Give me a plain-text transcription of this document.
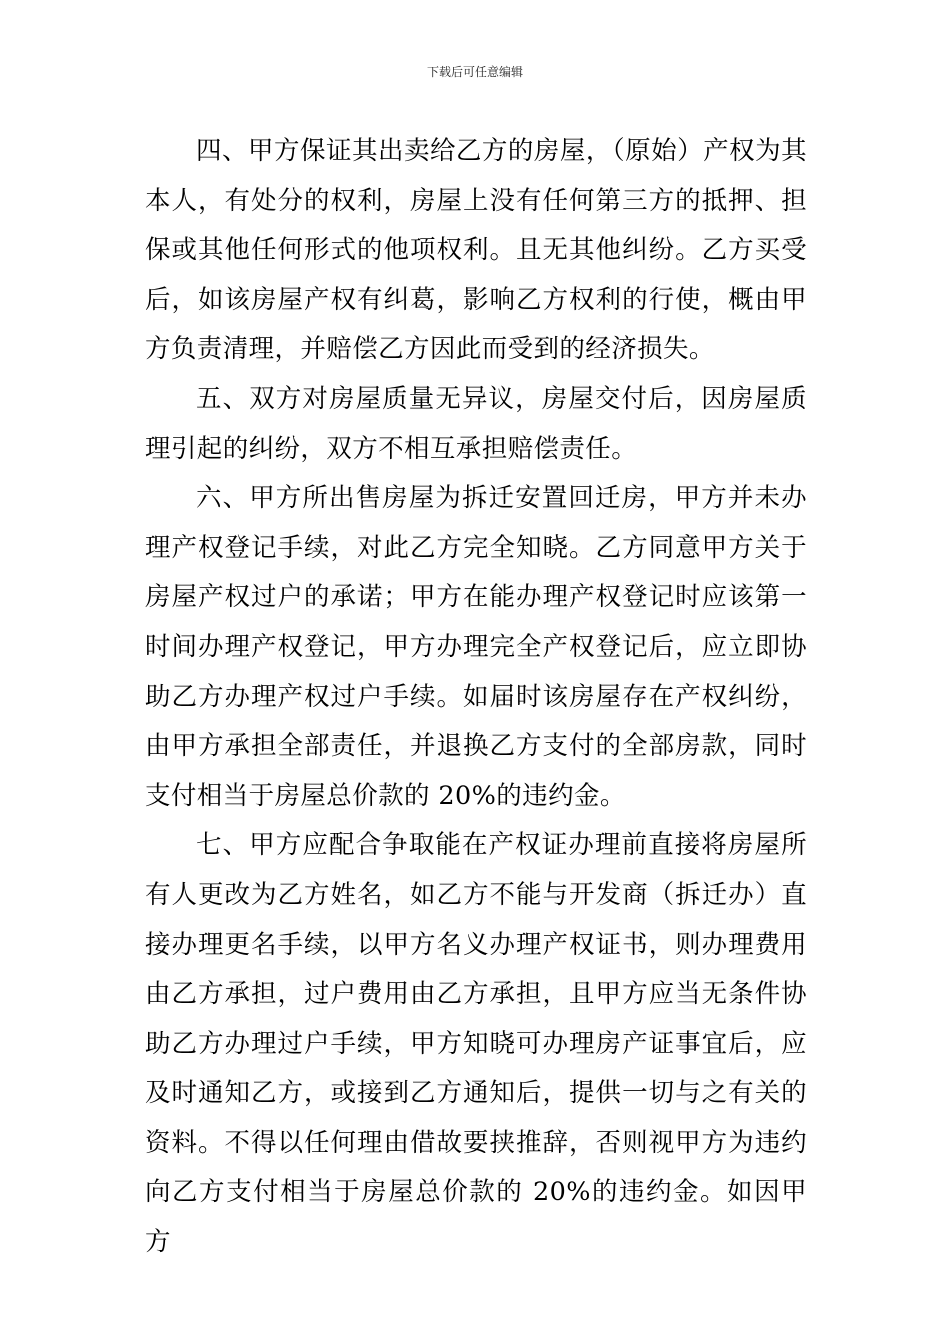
下载后可任意编辑

四、甲方保证其出卖给乙方的房屋，（原始）产权为其本人，有处分的权利，房屋上没有任何第三方的抵押、担保或其他任何形式的他项权利。且无其他纠纷。乙方买受后，如该房屋产权有纠葛，影响乙方权利的行使，概由甲方负责清理，并赔偿乙方因此而受到的经济损失。

五、双方对房屋质量无异议，房屋交付后，因房屋质理引起的纠纷，双方不相互承担赔偿责任。

六、甲方所出售房屋为拆迁安置回迁房，甲方并未办理产权登记手续，对此乙方完全知晓。乙方同意甲方关于房屋产权过户的承诺；甲方在能办理产权登记时应该第一时间办理产权登记，甲方办理完全产权登记后，应立即协助乙方办理产权过户手续。如届时该房屋存在产权纠纷，由甲方承担全部责任，并退换乙方支付的全部房款，同时支付相当于房屋总价款的 20%的违约金。

七、甲方应配合争取能在产权证办理前直接将房屋所有人更改为乙方姓名，如乙方不能与开发商（拆迁办）直接办理更名手续，以甲方名义办理产权证书，则办理费用由乙方承担，过户费用由乙方承担，且甲方应当无条件协助乙方办理过户手续，甲方知晓可办理房产证事宜后，应及时通知乙方，或接到乙方通知后，提供一切与之有关的资料。不得以任何理由借故要挟推辞，否则视甲方为违约向乙方支付相当于房屋总价款的 20%的违约金。如因甲方
